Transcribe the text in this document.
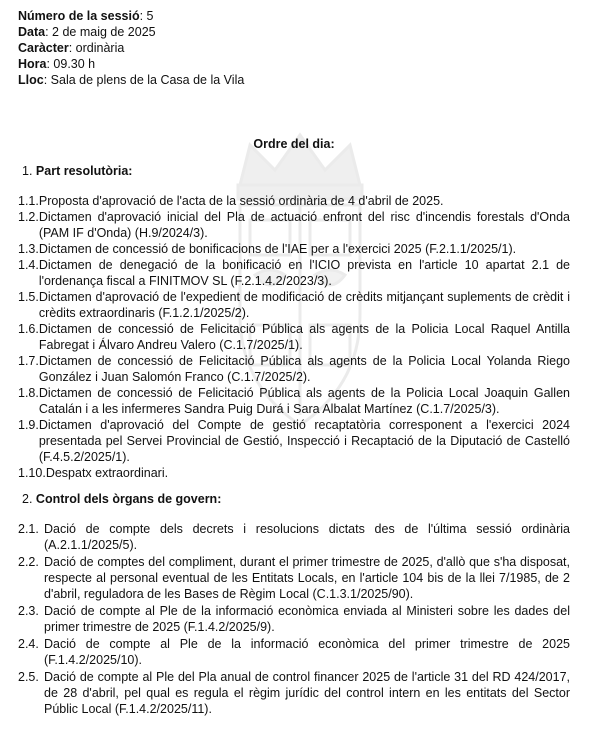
Número de la sessió: 5
Data: 2 de maig de 2025
Caràcter: ordinària
Hora: 09.30 h
Lloc: Sala de plens de la Casa de la Vila
Ordre del dia:
1. Part resolutòria:
1.1. Proposta d'aprovació de l'acta de la sessió ordinària de 4 d'abril de 2025.
1.2. Dictamen d'aprovació inicial del Pla de actuació enfront del risc d'incendis forestals d'Onda (PAM IF d'Onda) (H.9/2024/3).
1.3. Dictamen de concessió de bonificacions de l'IAE per a l'exercici 2025 (F.2.1.1/2025/1).
1.4. Dictamen de denegació de la bonificació en l'ICIO prevista en l'article 10 apartat 2.1 de l'ordenança fiscal a FINITMOV SL (F.2.1.4.2/2023/3).
1.5. Dictamen d'aprovació de l'expedient de modificació de crèdits mitjançant suplements de crèdit i crèdits extraordinaris (F.1.2.1/2025/2).
1.6. Dictamen de concessió de Felicitació Pública als agents de la Policia Local Raquel Antilla Fabregat i Álvaro Andreu Valero (C.1.7/2025/1).
1.7. Dictamen de concessió de Felicitació Pública als agents de la Policia Local Yolanda Riego González i Juan Salomón Franco (C.1.7/2025/2).
1.8. Dictamen de concessió de Felicitació Pública als agents de la Policia Local Joaquin Gallen Catalán i a les infermeres Sandra Puig Durá i Sara Albalat Martínez (C.1.7/2025/3).
1.9. Dictamen d'aprovació del Compte de gestió recaptatòria corresponent a l'exercici 2024 presentada pel Servei Provincial de Gestió, Inspecció i Recaptació de la Diputació de Castelló (F.4.5.2/2025/1).
1.10. Despatx extraordinari.
2. Control dels òrgans de govern:
2.1. Dació de compte dels decrets i resolucions dictats des de l'última sessió ordinària (A.2.1.1/2025/5).
2.2. Dació de comptes del compliment, durant el primer trimestre de 2025, d'allò que s'ha disposat, respecte al personal eventual de les Entitats Locals, en l'article 104 bis de la llei 7/1985, de 2 d'abril, reguladora de les Bases de Règim Local (C.1.3.1/2025/90).
2.3. Dació de compte al Ple de la informació econòmica enviada al Ministeri sobre les dades del primer trimestre de 2025 (F.1.4.2/2025/9).
2.4. Dació de compte al Ple de la informació econòmica del primer trimestre de 2025 (F.1.4.2/2025/10).
2.5. Dació de compte al Ple del Pla anual de control financer 2025 de l'article 31 del RD 424/2017, de 28 d'abril, pel qual es regula el règim jurídic del control intern en les entitats del Sector Públic Local (F.1.4.2/2025/11).
